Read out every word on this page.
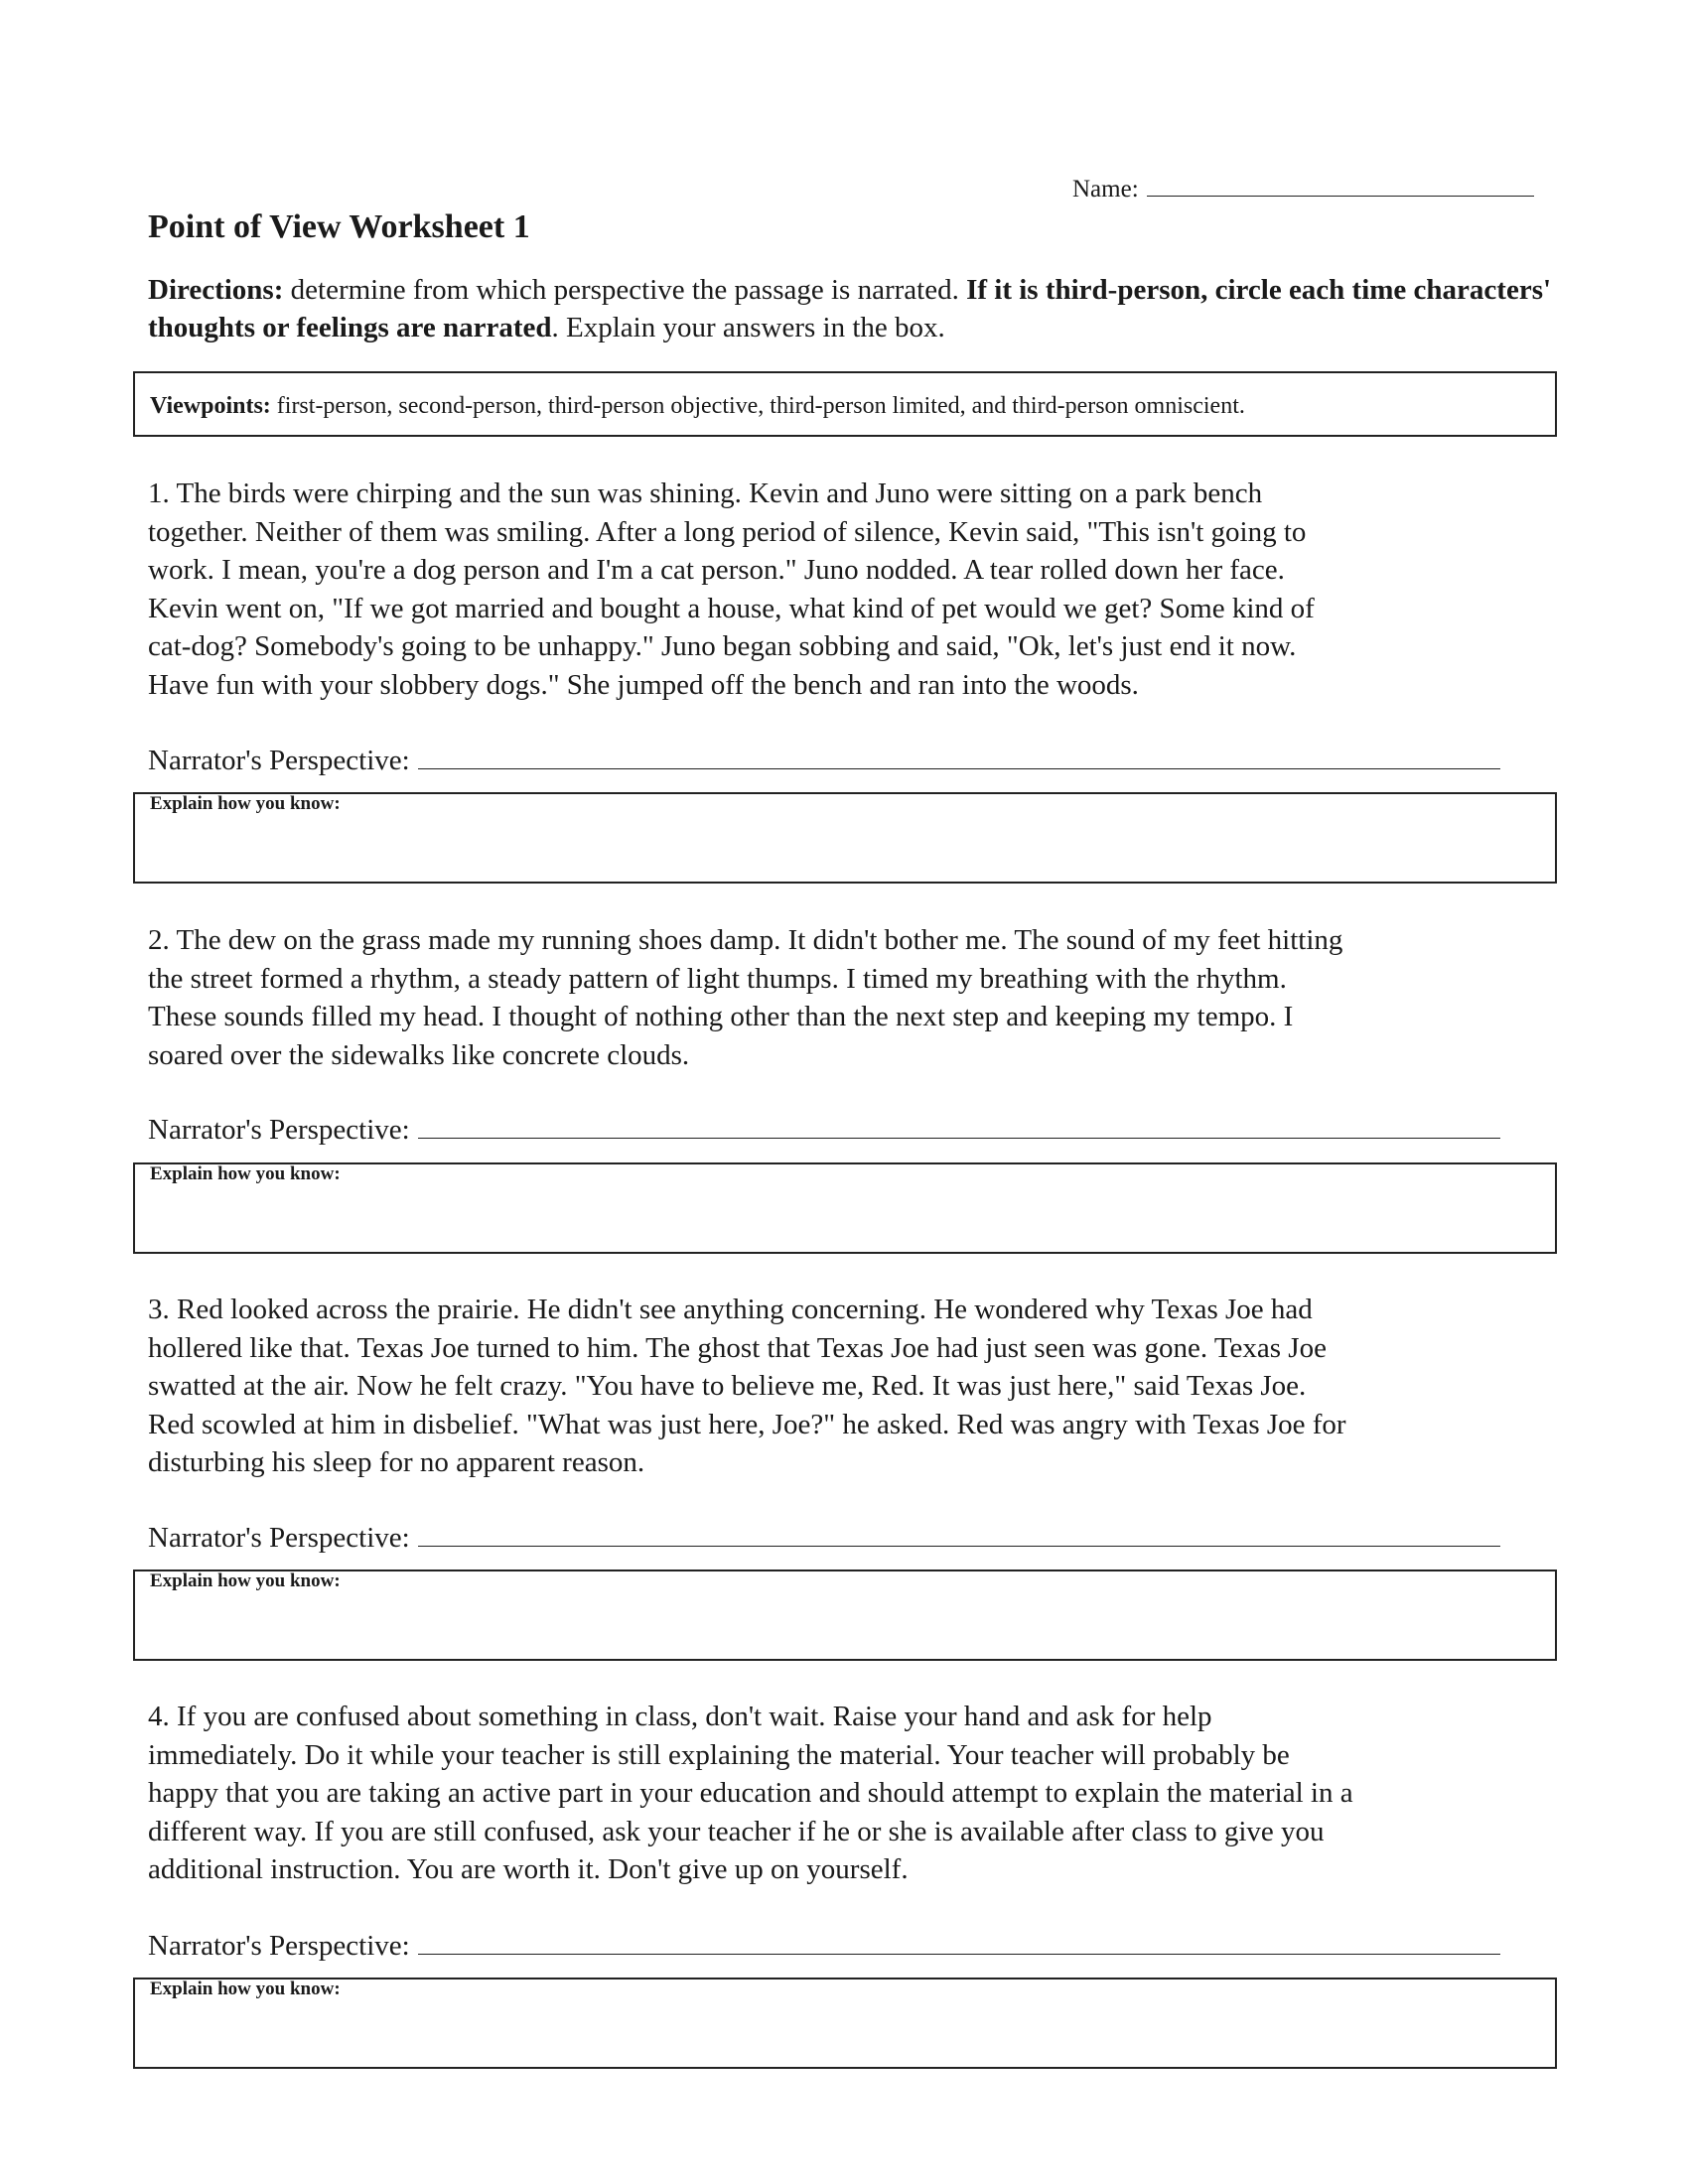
Name:
Point of View Worksheet 1
Directions: determine from which perspective the passage is narrated. If it is third-person, circle each time characters' thoughts or feelings are narrated. Explain your answers in the box.
Viewpoints: first-person, second-person, third-person objective, third-person limited, and third-person omniscient.
1. The birds were chirping and the sun was shining. Kevin and Juno were sitting on a park bench
together. Neither of them was smiling. After a long period of silence, Kevin said, "This isn't going to
work. I mean, you're a dog person and I'm a cat person." Juno nodded. A tear rolled down her face.
Kevin went on, "If we got married and bought a house, what kind of pet would we get? Some kind of
cat-dog? Somebody's going to be unhappy." Juno began sobbing and said, "Ok, let's just end it now.
Have fun with your slobbery dogs." She jumped off the bench and ran into the woods.
Narrator's Perspective:
Explain how you know:
2. The dew on the grass made my running shoes damp. It didn't bother me. The sound of my feet hitting
the street formed a rhythm, a steady pattern of light thumps. I timed my breathing with the rhythm.
These sounds filled my head. I thought of nothing other than the next step and keeping my tempo. I
soared over the sidewalks like concrete clouds.
Narrator's Perspective:
Explain how you know:
3. Red looked across the prairie. He didn't see anything concerning. He wondered why Texas Joe had
hollered like that. Texas Joe turned to him. The ghost that Texas Joe had just seen was gone. Texas Joe
swatted at the air. Now he felt crazy. "You have to believe me, Red. It was just here," said Texas Joe.
Red scowled at him in disbelief. "What was just here, Joe?" he asked. Red was angry with Texas Joe for
disturbing his sleep for no apparent reason.
Narrator's Perspective:
Explain how you know:
4. If you are confused about something in class, don't wait. Raise your hand and ask for help
immediately. Do it while your teacher is still explaining the material. Your teacher will probably be
happy that you are taking an active part in your education and should attempt to explain the material in a
different way. If you are still confused, ask your teacher if he or she is available after class to give you
additional instruction. You are worth it. Don't give up on yourself.
Narrator's Perspective:
Explain how you know:
